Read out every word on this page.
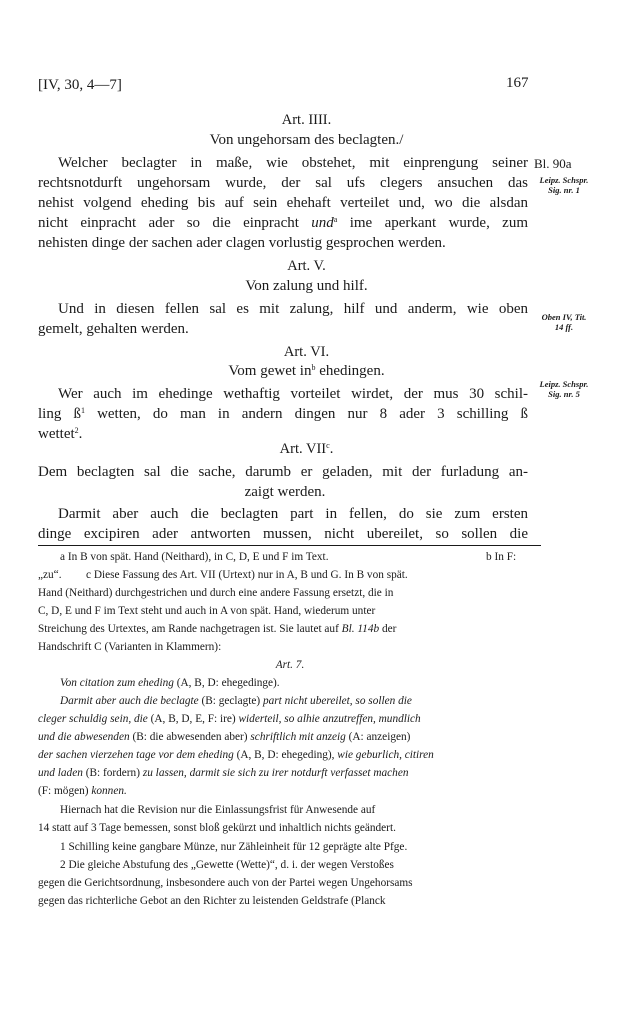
[IV, 30, 4—7]	167
Art. IIII.
Von ungehorsam des beclagten./
Welcher beclagter in maße, wie obstehet, mit einprengung seiner
rechtsnotdurft ungehorsam wurde, der sal ufs clegers ansuchen das
nehist volgend eheding bis auf sein ehehaft verteilet und, wo die alsdan
nicht einpracht ader so die einpracht und$^a$ ime aperkant wurde, zum
nehisten dinge der sachen ader clagen vorlustig gesprochen werden.
Bl. 90a
Leipz. Schspr.
Sig. nr. 1
Art. V.
Von zalung und hilf.
Und in diesen fellen sal es mit zalung, hilf und anderm, wie oben
gemelt, gehalten werden.
Oben IV, Tit.
14 ff.
Art. VI.
Vom gewet $in^b$ ehedingen.
Wer auch im ehedinge wethaftig vorteilet wirdet, der mus 30 schil-
ling $ß^1$ wetten, do man in andern dingen nur 8 ader 3 schilling ß
wettet$^2$.
Leipz. Schspr.
Sig. nr. 5
Art. VII$^c$.
Dem beclagten sal die sache, darumb er geladen, mit der furladung an-
zaigt werden.
Darmit aber auch die beclagten part in fellen, do sie zum ersten
dinge excipiren ader antworten mussen, nicht ubereilet, so sollen die
a In B von spät. Hand (Neithard), in C, D, E und F im Text.	b In F:
„zu“. c Diese Fassung des Art. VII (Urtext) nur in A, B und G. In B von spät.
Hand (Neithard) durchgestrichen und durch eine andere Fassung ersetzt, die in
C, D, E und F im Text steht und auch in A von spät. Hand, wiederum unter
Streichung des Urtextes, am Rande nachgetragen ist. Sie lautet auf Bl. 114b der
Handschrift C (Varianten in Klammern):
Art. 7.
Von citation zum eheding (A, B, D: ehegedinge).
Darmit aber auch die beclagte (B: geclagte) part nicht ubereilet, so sollen die
cleger schuldig sein, die (A, B, D, E, F: ire) widerteil, so alhie anzutreffen, mundlich
und die abwesenden (B: die abwesenden aber) schriftlich mit anzeig (A: anzeigen)
der sachen vierzehen tage vor dem eheding (A, B, D: ehegeding), wie geburlich, citiren
und laden (B: fordern) zu lassen, darmit sie sich zu irer notdurft verfasset machen
(F: mögen) konnen.
Hiernach hat die Revision nur die Einlassungsfrist für Anwesende auf
14 statt auf 3 Tage bemessen, sonst bloß gekürzt und inhaltlich nichts geändert.
1 Schilling keine gangbare Münze, nur Zähleinheit für 12 geprägte alte Pfge.
2 Die gleiche Abstufung des „Gewette (Wette)“, d. i. der wegen Verstoßes
gegen die Gerichtsordnung, insbesondere auch von der Partei wegen Ungehorsams
gegen das richterliche Gebot an den Richter zu leistenden Geldstrafe (Planck
